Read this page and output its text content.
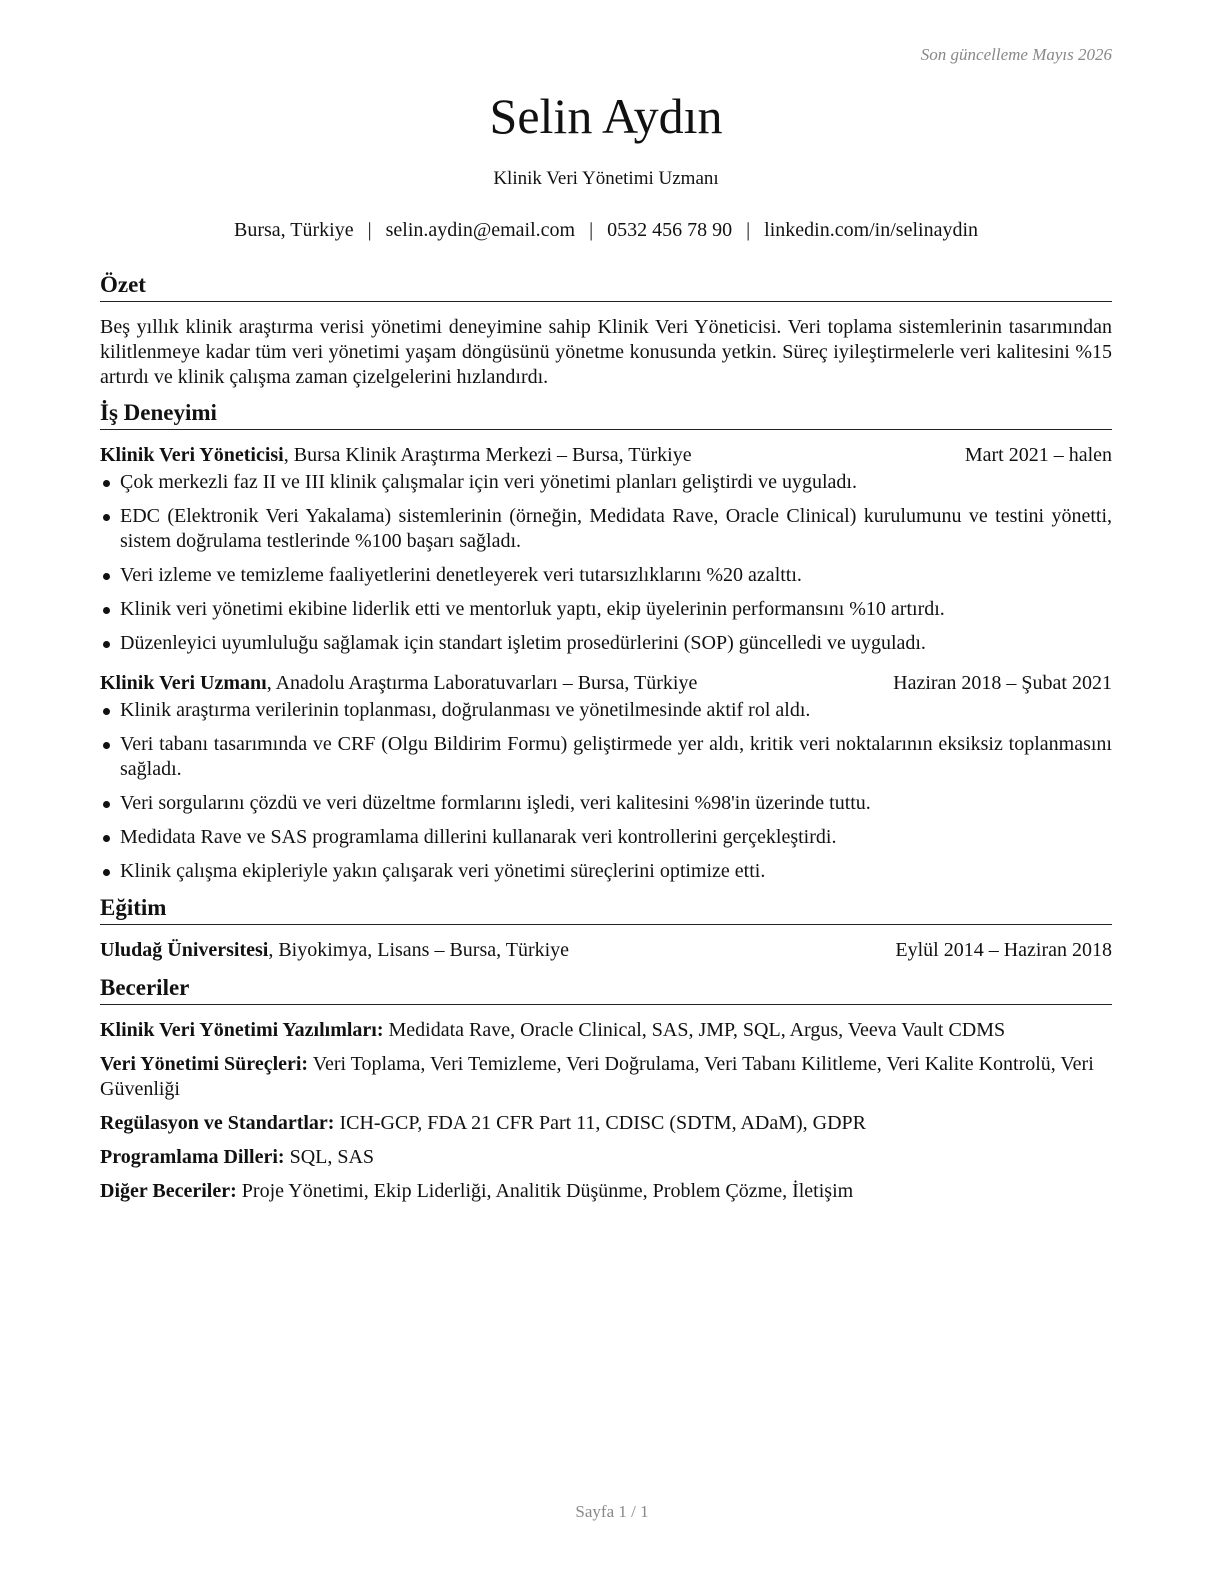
Son güncelleme Mayıs 2026
Selin Aydın
Klinik Veri Yönetimi Uzmanı
Bursa, Türkiye | selin.aydin@email.com | 0532 456 78 90 | linkedin.com/in/selinaydin
Özet

Beş yıllık klinik araştırma verisi yönetimi deneyimine sahip Klinik Veri Yöneticisi. Veri toplama sistemlerinin tasarımından kilitlenmeye kadar tüm veri yönetimi yaşam döngüsünü yönetme konusunda yetkin. Süreç iyileştirmelerle veri kalitesini %15 artırdı ve klinik çalışma zaman çizelgelerini hızlandırdı.

İş Deneyimi
Klinik Veri Yöneticisi, Bursa Klinik Araştırma Merkezi – Bursa, Türkiye	Mart 2021 – halen
Çok merkezli faz II ve III klinik çalışmalar için veri yönetimi planları geliştirdi ve uyguladı.
EDC (Elektronik Veri Yakalama) sistemlerinin (örneğin, Medidata Rave, Oracle Clinical) kurulumunu ve testini yönetti, sistem doğrulama testlerinde %100 başarı sağladı.
Veri izleme ve temizleme faaliyetlerini denetleyerek veri tutarsızlıklarını %20 azalttı.
Klinik veri yönetimi ekibine liderlik etti ve mentorluk yaptı, ekip üyelerinin performansını %10 artırdı.
Düzenleyici uyumluluğu sağlamak için standart işletim prosedürlerini (SOP) güncelledi ve uyguladı.
Klinik Veri Uzmanı, Anadolu Araştırma Laboratuvarları – Bursa, Türkiye	Haziran 2018 – Şubat 2021
Klinik araştırma verilerinin toplanması, doğrulanması ve yönetilmesinde aktif rol aldı.
Veri tabanı tasarımında ve CRF (Olgu Bildirim Formu) geliştirmede yer aldı, kritik veri noktalarının eksiksiz toplanmasını sağladı.
Veri sorgularını çözdü ve veri düzeltme formlarını işledi, veri kalitesini %98'in üzerinde tuttu.
Medidata Rave ve SAS programlama dillerini kullanarak veri kontrollerini gerçekleştirdi.
Klinik çalışma ekipleriyle yakın çalışarak veri yönetimi süreçlerini optimize etti.
Eğitim
Uludağ Üniversitesi, Biyokimya, Lisans – Bursa, Türkiye	Eylül 2014 – Haziran 2018
Beceriler
Klinik Veri Yönetimi Yazılımları: Medidata Rave, Oracle Clinical, SAS, JMP, SQL, Argus, Veeva Vault CDMS
Veri Yönetimi Süreçleri: Veri Toplama, Veri Temizleme, Veri Doğrulama, Veri Tabanı Kilitleme, Veri Kalite Kontrolü, Veri Güvenliği
Regülasyon ve Standartlar: ICH-GCP, FDA 21 CFR Part 11, CDISC (SDTM, ADaM), GDPR
Programlama Dilleri: SQL, SAS
Diğer Beceriler: Proje Yönetimi, Ekip Liderliği, Analitik Düşünme, Problem Çözme, İletişim
Sayfa 1 / 1
